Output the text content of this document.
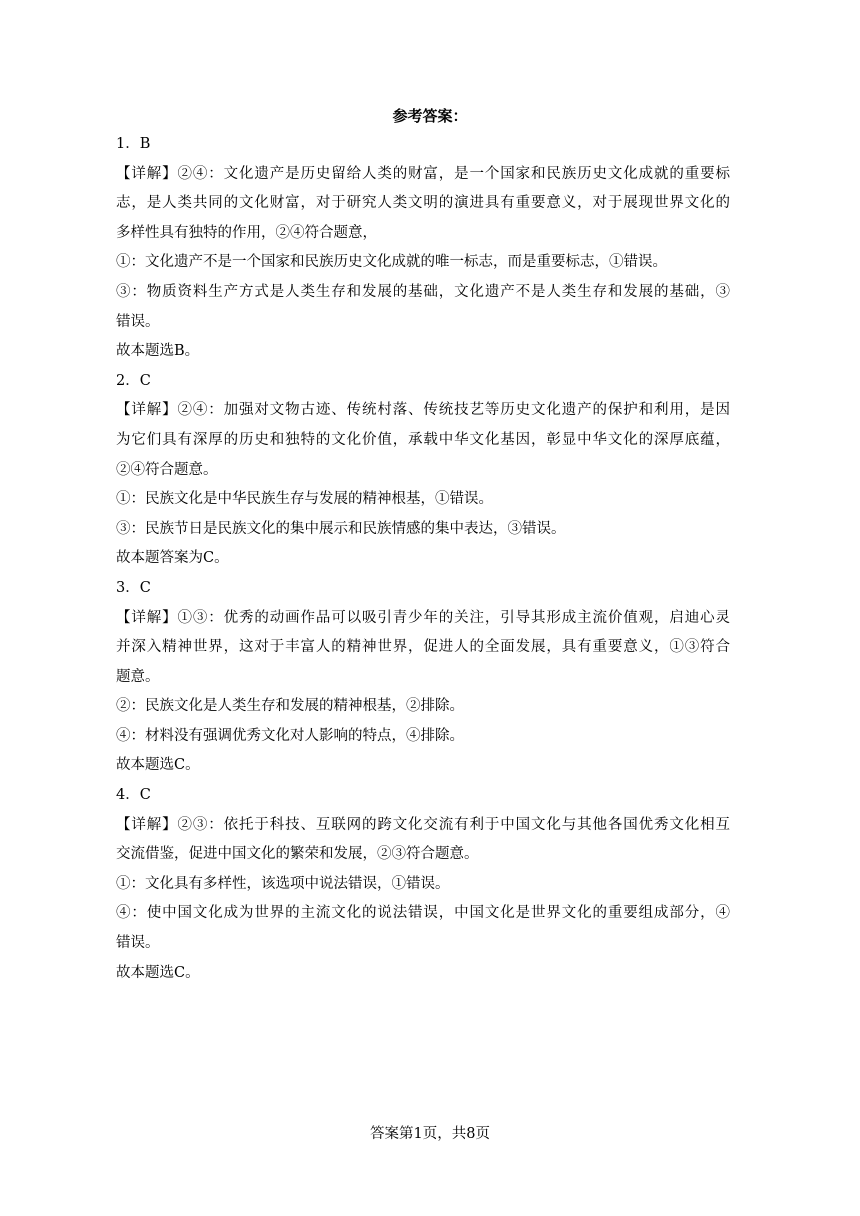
参考答案：
1．B
【详解】②④：文化遗产是历史留给人类的财富，是一个国家和民族历史文化成就的重要标
志，是人类共同的文化财富，对于研究人类文明的演进具有重要意义，对于展现世界文化的
多样性具有独特的作用，②④符合题意，
①：文化遗产不是一个国家和民族历史文化成就的唯一标志，而是重要标志，①错误。
③：物质资料生产方式是人类生存和发展的基础，文化遗产不是人类生存和发展的基础，③
错误。
故本题选B。
2．C
【详解】②④：加强对文物古迹、传统村落、传统技艺等历史文化遗产的保护和利用，是因
为它们具有深厚的历史和独特的文化价值，承载中华文化基因，彰显中华文化的深厚底蕴，
②④符合题意。
①：民族文化是中华民族生存与发展的精神根基，①错误。
③：民族节日是民族文化的集中展示和民族情感的集中表达，③错误。
故本题答案为C。
3．C
【详解】①③：优秀的动画作品可以吸引青少年的关注，引导其形成主流价值观，启迪心灵
并深入精神世界，这对于丰富人的精神世界，促进人的全面发展，具有重要意义，①③符合
题意。
②：民族文化是人类生存和发展的精神根基，②排除。
④：材料没有强调优秀文化对人影响的特点，④排除。
故本题选C。
4．C
【详解】②③：依托于科技、互联网的跨文化交流有利于中国文化与其他各国优秀文化相互
交流借鉴，促进中国文化的繁荣和发展，②③符合题意。
①：文化具有多样性，该选项中说法错误，①错误。
④：使中国文化成为世界的主流文化的说法错误，中国文化是世界文化的重要组成部分，④
错误。
故本题选C。
答案第1页，共8页
